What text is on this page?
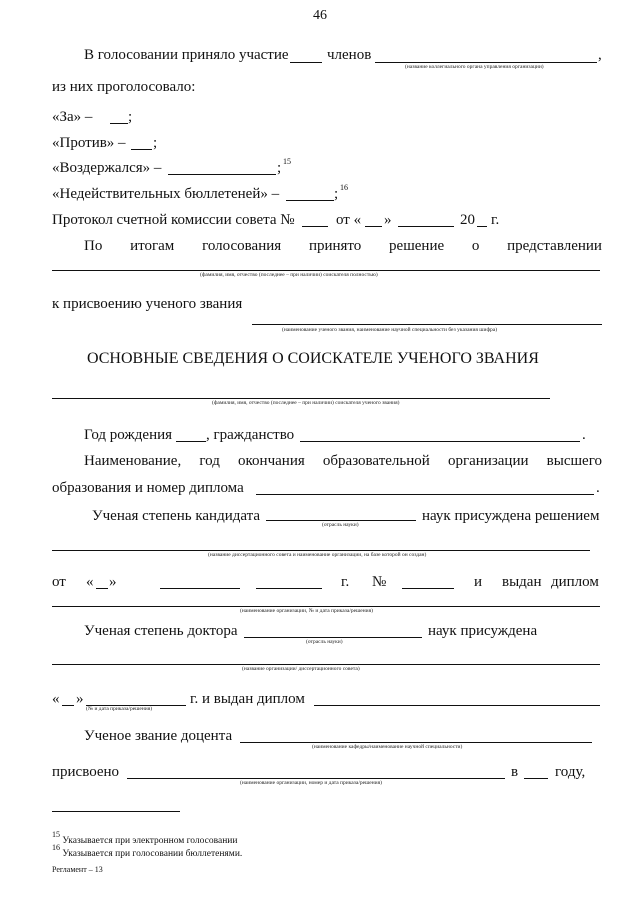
46
В голосовании приняло участие	членов	,
(название коллегиального органа управления организации)
из них проголосовало:
«За» – ;
«Против» – ;
«Воздержался» –	; 15
«Недействительных бюллетеней» –	; 16
Протокол счетной комиссии совета №	от « »	20 г.
По итогам голосования принято решение о представлении
(фамилия, имя, отчество (последнее – при наличии) соискателя полностью)
к присвоению ученого звания
(наименование ученого звания, наименование научной специальности без указания шифра)
ОСНОВНЫЕ СВЕДЕНИЯ О СОИСКАТЕЛЕ УЧЕНОГО ЗВАНИЯ
(фамилия, имя, отчество (последнее – при наличии) соискателя ученого звания)
Год рождения , гражданство	.
Наименование, год окончания образовательной организации высшего
образования и номер диплома	.
Ученая степень кандидата
(отрасль науки)
наук присуждена решением
(название диссертационного совета и наименование организации, на базе которой он создан)
от « »	г. №	и выдан диплом
(наименование организации, № и дата приказа/решения)
Ученая степень доктора
(отрасль науки)
наук присуждена
(название организации/ диссертационного совета)
« »
(№ и дата приказа/решения)
г. и выдан диплом
Ученое звание доцента
(наименование кафедры/наименование научной специальности)
присвоено
(наименование организации, номер и дата приказа/решения)
в году,
$^{15}$ Указывается при электронном голосовании
$^{16}$ Указывается при голосовании бюллетенями.
Регламент – 13
